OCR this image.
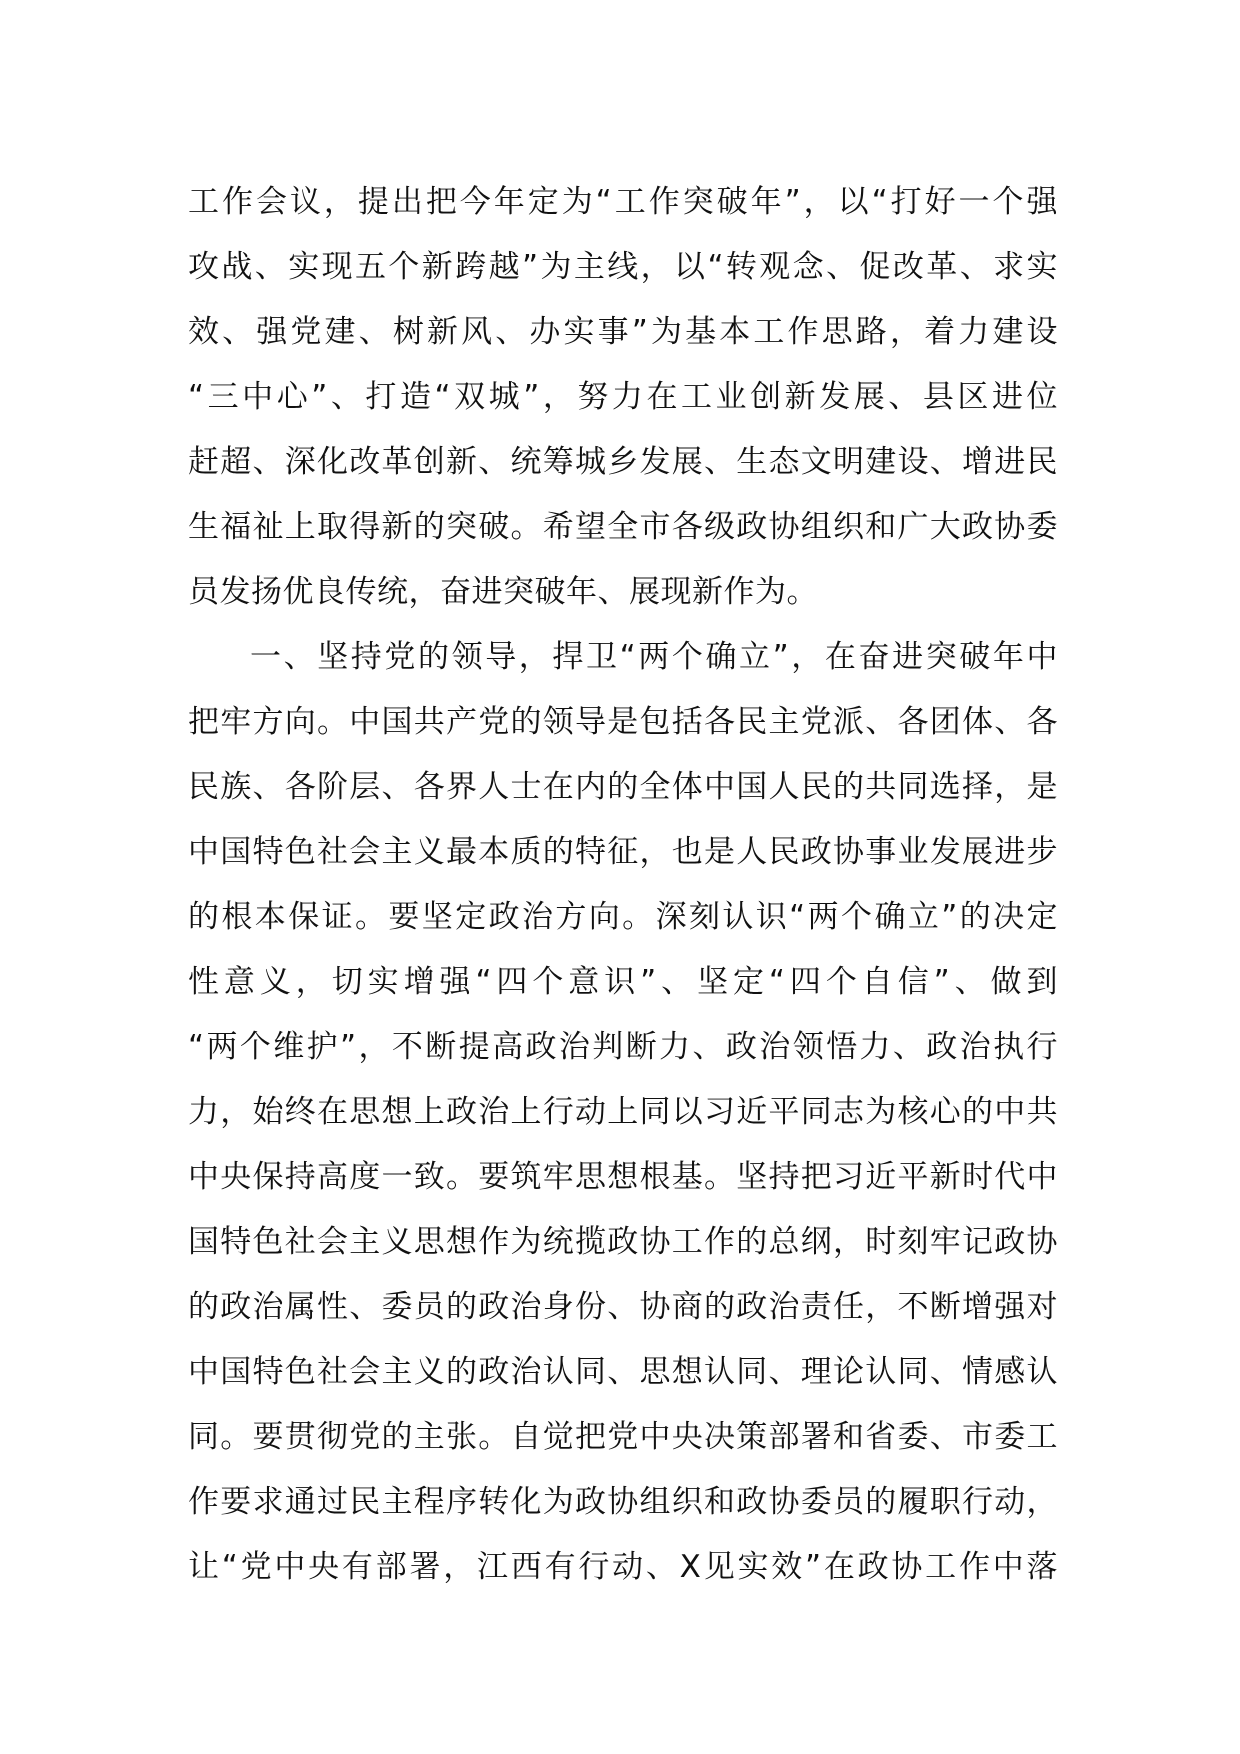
工作会议，提出把今年定为“工作突破年”，以“打好一个强
攻战、实现五个新跨越”为主线，以“转观念、促改革、求实
效、强党建、树新风、办实事”为基本工作思路，着力建设
“三中心”、打造“双城”，努力在工业创新发展、县区进位
赶超、深化改革创新、统筹城乡发展、生态文明建设、增进民
生福祉上取得新的突破。希望全市各级政协组织和广大政协委
员发扬优良传统，奋进突破年、展现新作为。
一、坚持党的领导，捍卫“两个确立”，在奋进突破年中
把牢方向。中国共产党的领导是包括各民主党派、各团体、各
民族、各阶层、各界人士在内的全体中国人民的共同选择，是
中国特色社会主义最本质的特征，也是人民政协事业发展进步
的根本保证。要坚定政治方向。深刻认识“两个确立”的决定
性意义，切实增强“四个意识”、坚定“四个自信”、做到
“两个维护”，不断提高政治判断力、政治领悟力、政治执行
力，始终在思想上政治上行动上同以习近平同志为核心的中共
中央保持高度一致。要筑牢思想根基。坚持把习近平新时代中
国特色社会主义思想作为统揽政协工作的总纲，时刻牢记政协
的政治属性、委员的政治身份、协商的政治责任，不断增强对
中国特色社会主义的政治认同、思想认同、理论认同、情感认
同。要贯彻党的主张。自觉把党中央决策部署和省委、市委工
作要求通过民主程序转化为政协组织和政协委员的履职行动，
让“党中央有部署，江西有行动、X见实效”在政协工作中落
